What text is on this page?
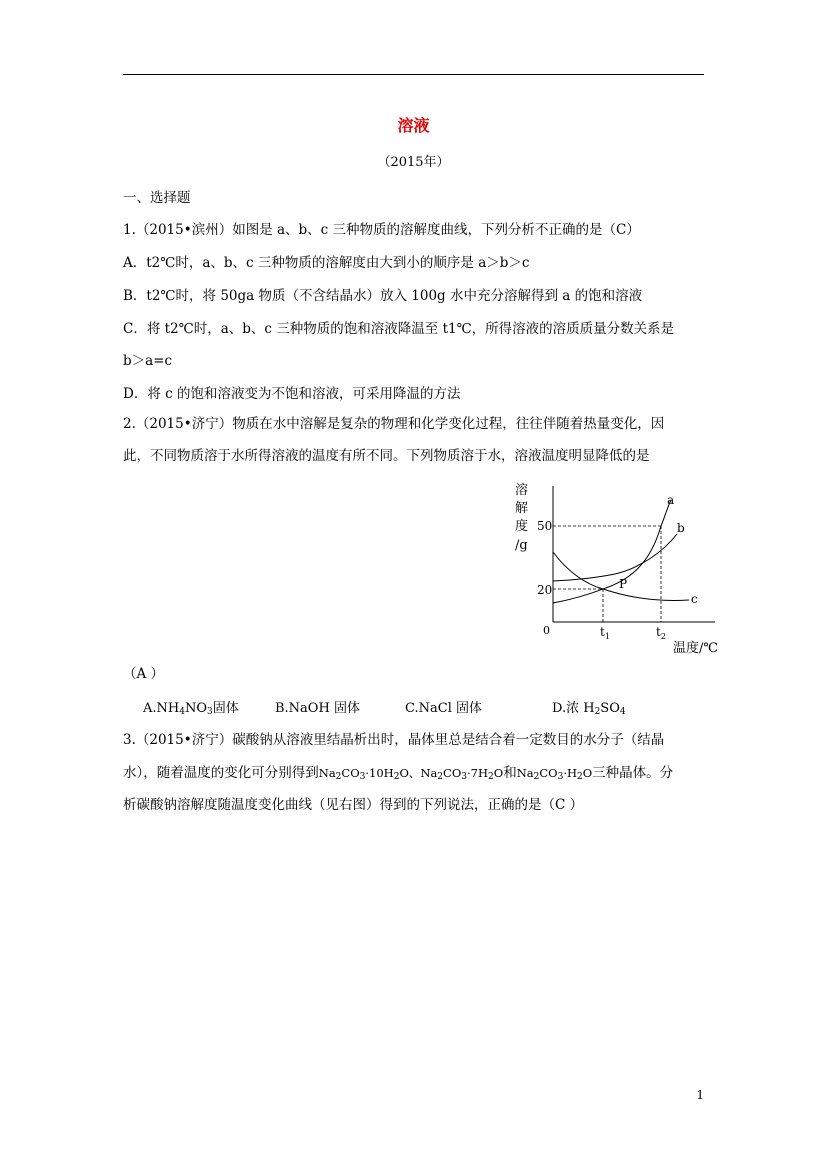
溶液
（2015年）
一、选择题
1.（2015•滨州）如图是 a、b、c 三种物质的溶解度曲线，下列分析不正确的是（C）
A．t2℃时，a、b、c 三种物质的溶解度由大到小的顺序是 a＞b＞c
B．t2℃时，将 50ga 物质（不含结晶水）放入 100g 水中充分溶解得到 a 的饱和溶液
C．将 t2℃时，a、b、c 三种物质的饱和溶液降温至 t1℃，所得溶液的溶质质量分数关系是
b＞a=c
D．将 c 的饱和溶液变为不饱和溶液，可采用降温的方法
2.（2015•济宁）物质在水中溶解是复杂的物理和化学变化过程，往往伴随着热量变化，因
此，不同物质溶于水所得溶液的温度有所不同。下列物质溶于水，溶液温度明显降低的是
溶
解
度
/g
50
20
0	$t_1$	$t_2$
温度/℃
a
b
c
P
（A ）
$A.NH_4NO_3$固体	B.NaOH 固体	C.NaCl 固体	D.浓 $H_2SO_4$
3.（2015•济宁）碳酸钠从溶液里结晶析出时，晶体里总是结合着一定数目的水分子（结晶
水），随着温度的变化可分别得到$Na_2CO_3\cdot 10H_2O$、$Na_2CO_3\cdot 7H_2O$和$Na_2CO_3\cdot H_2O$三种晶体。分
析碳酸钠溶解度随温度变化曲线（见右图）得到的下列说法，正确的是（C ）
1
